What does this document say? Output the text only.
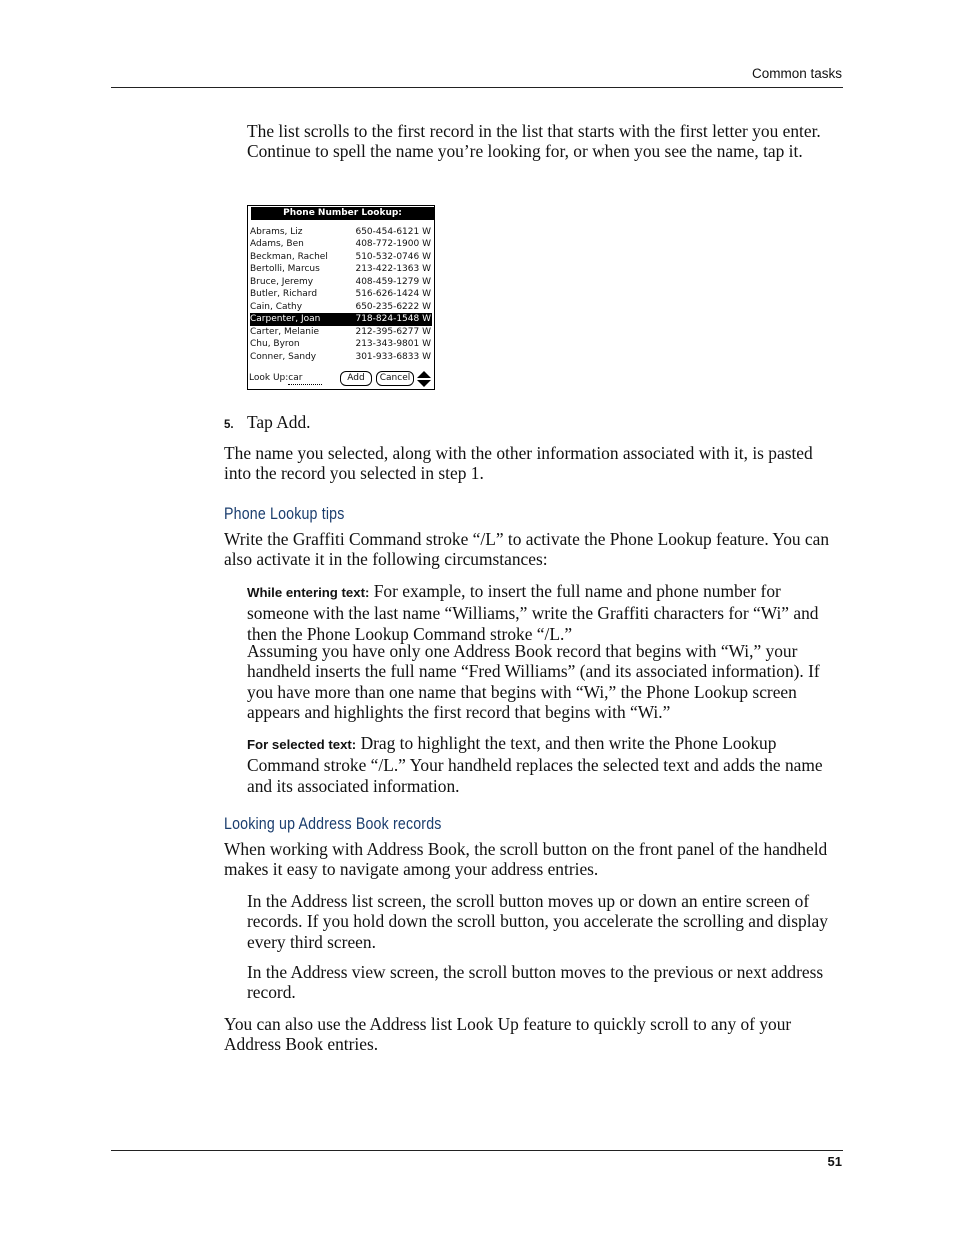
Common tasks

The list scrolls to the first record in the list that starts with the first letter you enter. Continue to spell the name you’re looking for, or when you see the name, tap it.

Phone Number Lookup:
Abrams, Liz	650-454-6121 W
Adams, Ben	408-772-1900 W
Beckman, Rachel	510-532-0746 W
Bertolli, Marcus	213-422-1363 W
Bruce, Jeremy	408-459-1279 W
Butler, Richard	516-626-1424 W
Cain, Cathy	650-235-6222 W
Carpenter, Joan	718-824-1548 W
Carter, Melanie	212-395-6277 W
Chu, Byron	213-343-9801 W
Conner, Sandy	301-933-6833 W
Look Up:car	Add	Cancel
5. Tap Add.

The name you selected, along with the other information associated with it, is pasted into the record you selected in step 1.

Phone Lookup tips

Write the Graffiti Command stroke “/L” to activate the Phone Lookup feature. You can also activate it in the following circumstances:

While entering text: For example, to insert the full name and phone number for someone with the last name “Williams,” write the Graffiti characters for “Wi” and then the Phone Lookup Command stroke “/L.”

Assuming you have only one Address Book record that begins with “Wi,” your handheld inserts the full name “Fred Williams” (and its associated information). If you have more than one name that begins with “Wi,” the Phone Lookup screen appears and highlights the first record that begins with “Wi.”

For selected text: Drag to highlight the text, and then write the Phone Lookup Command stroke “/L.” Your handheld replaces the selected text and adds the name and its associated information.

Looking up Address Book records

When working with Address Book, the scroll button on the front panel of the handheld makes it easy to navigate among your address entries.

In the Address list screen, the scroll button moves up or down an entire screen of records. If you hold down the scroll button, you accelerate the scrolling and display every third screen.

In the Address view screen, the scroll button moves to the previous or next address record.

You can also use the Address list Look Up feature to quickly scroll to any of your Address Book entries.

51
